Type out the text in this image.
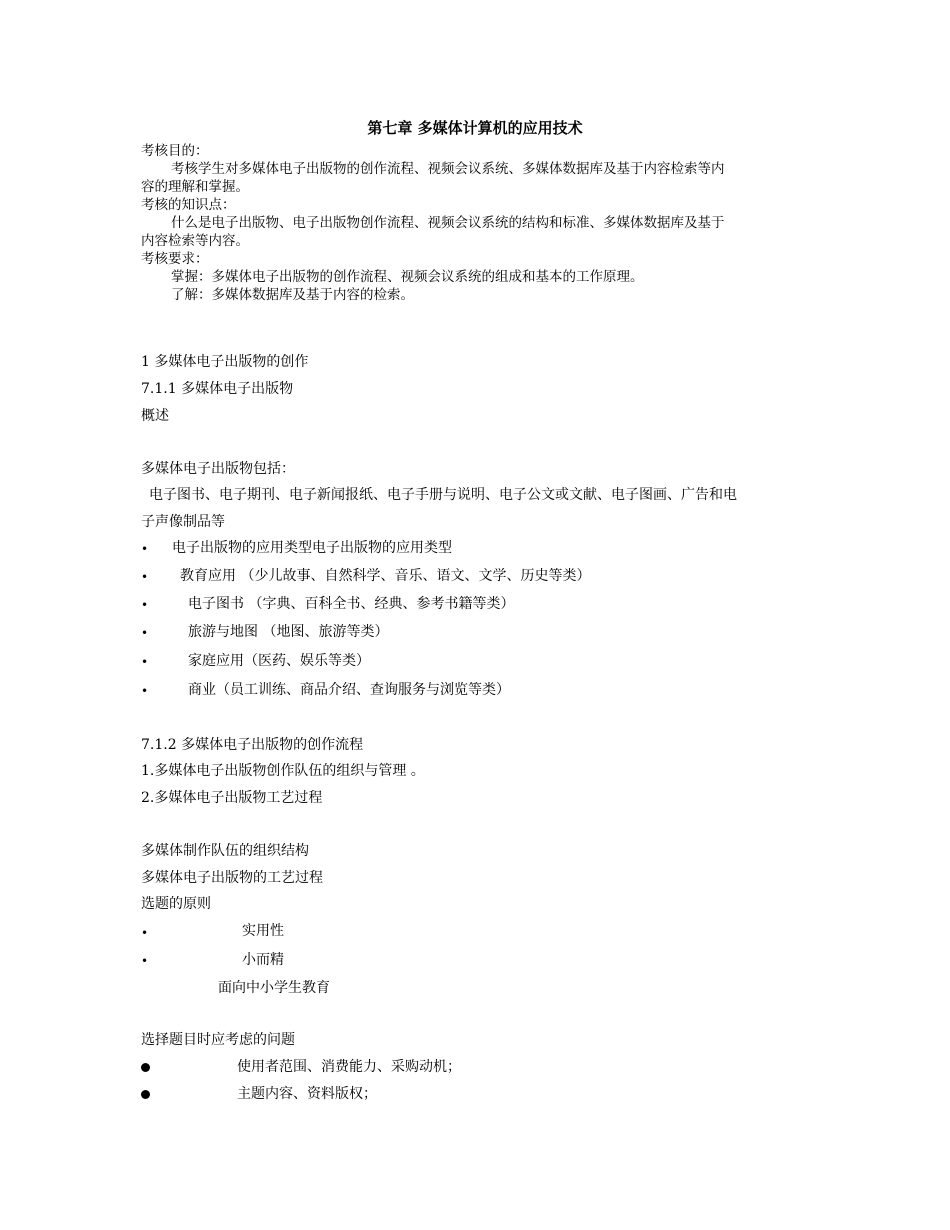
第七章 多媒体计算机的应用技术
考核目的：
考核学生对多媒体电子出版物的创作流程、视频会议系统、多媒体数据库及基于内容检索等内
容的理解和掌握。
考核的知识点：
什么是电子出版物、电子出版物创作流程、视频会议系统的结构和标准、多媒体数据库及基于
内容检索等内容。
考核要求：
掌握：多媒体电子出版物的创作流程、视频会议系统的组成和基本的工作原理。
了解：多媒体数据库及基于内容的检索。
1 多媒体电子出版物的创作
7.1.1 多媒体电子出版物
概述
多媒体电子出版物包括：
电子图书、电子期刊、电子新闻报纸、电子手册与说明、电子公文或文献、电子图画、广告和电
子声像制品等
• 电子出版物的应用类型电子出版物的应用类型
• 教育应用 （少儿故事、自然科学、音乐、语文、文学、历史等类）
•	电子图书 （字典、百科全书、经典、参考书籍等类）
•	旅游与地图 （地图、旅游等类）
•	家庭应用（医药、娱乐等类）
•	商业（员工训练、商品介绍、查询服务与浏览等类）
7.1.2 多媒体电子出版物的创作流程
1.多媒体电子出版物创作队伍的组织与管理 。
2.多媒体电子出版物工艺过程
多媒体制作队伍的组织结构
多媒体电子出版物的工艺过程
选题的原则
•	实用性
•	小而精
面向中小学生教育
选择题目时应考虑的问题
使用者范围、消费能力、采购动机；
主题内容、资料版权；
